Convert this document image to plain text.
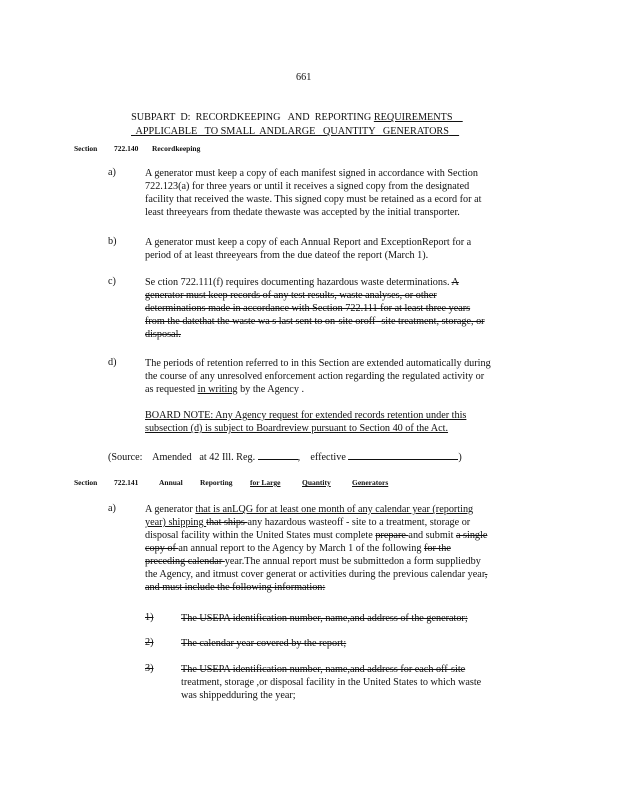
661

SUBPART  D:  RECORDKEEPING   AND  REPORTING REQUIREMENTS

APPLICABLE   TO SMALL  ANDLARGE   QUANTITY   GENERATORS

Section 722.140 Recordkeeping
a)	A generator must keep a copy of each manifest signed in accordance with Section
722.123(a) for three years or until it receives a signed copy from the designated
facility that received the waste. This signed copy must be retained as a ecord for at
least threeyears from thedate thewaste was accepted by the initial transporter.
b)	A generator must keep a copy of each Annual Report and ExceptionReport for a
period of at least threeyears from the due dateof the report (March 1).
c)	Se ction 722.111(f) requires documenting hazardous waste determinations. A
generator must keep records of any test results, waste analyses, or other
determinations made in accordance with Section 722.111 for at least three years
from the datethat the waste wa s last sent to on-site oroff- site treatment, storage, or
disposal.
d)	The periods of retention referred to in this Section are extended automatically during
the course of any unresolved enforcement action regarding the regulated activity or
as requested in writing by the Agency .
BOARD NOTE: Any Agency request for extended records retention under this
subsection (d) is subject to Boardreview pursuant to Section 40 of the Act.
(Source:    Amended   at 42 Ill. Reg.	,    effective	)
Section 722.141	Annual Reporting for Large	Quantity	Generators
a)	A generator that is anLQG for at least one month of any calendar year (reporting
year) shipping that ships any hazardous wasteoff - site to a treatment, storage or
disposal facility within the United States must complete prepare and submit a single
copy of an annual report to the Agency by March 1 of the following for the
preceding calendar year.The annual report must be submittedon a form suppliedby
the Agency, and itmust cover generat or activities during the previous calendar year,
and must include the following information:
1)	The USEPA identification number, name,and address of the generator;
2)	The calendar year covered by the report;
3)	The USEPA identification number, name,and address for each off-site
treatment, storage ,or disposal facility in the United States to which waste
was shippedduring the year;
